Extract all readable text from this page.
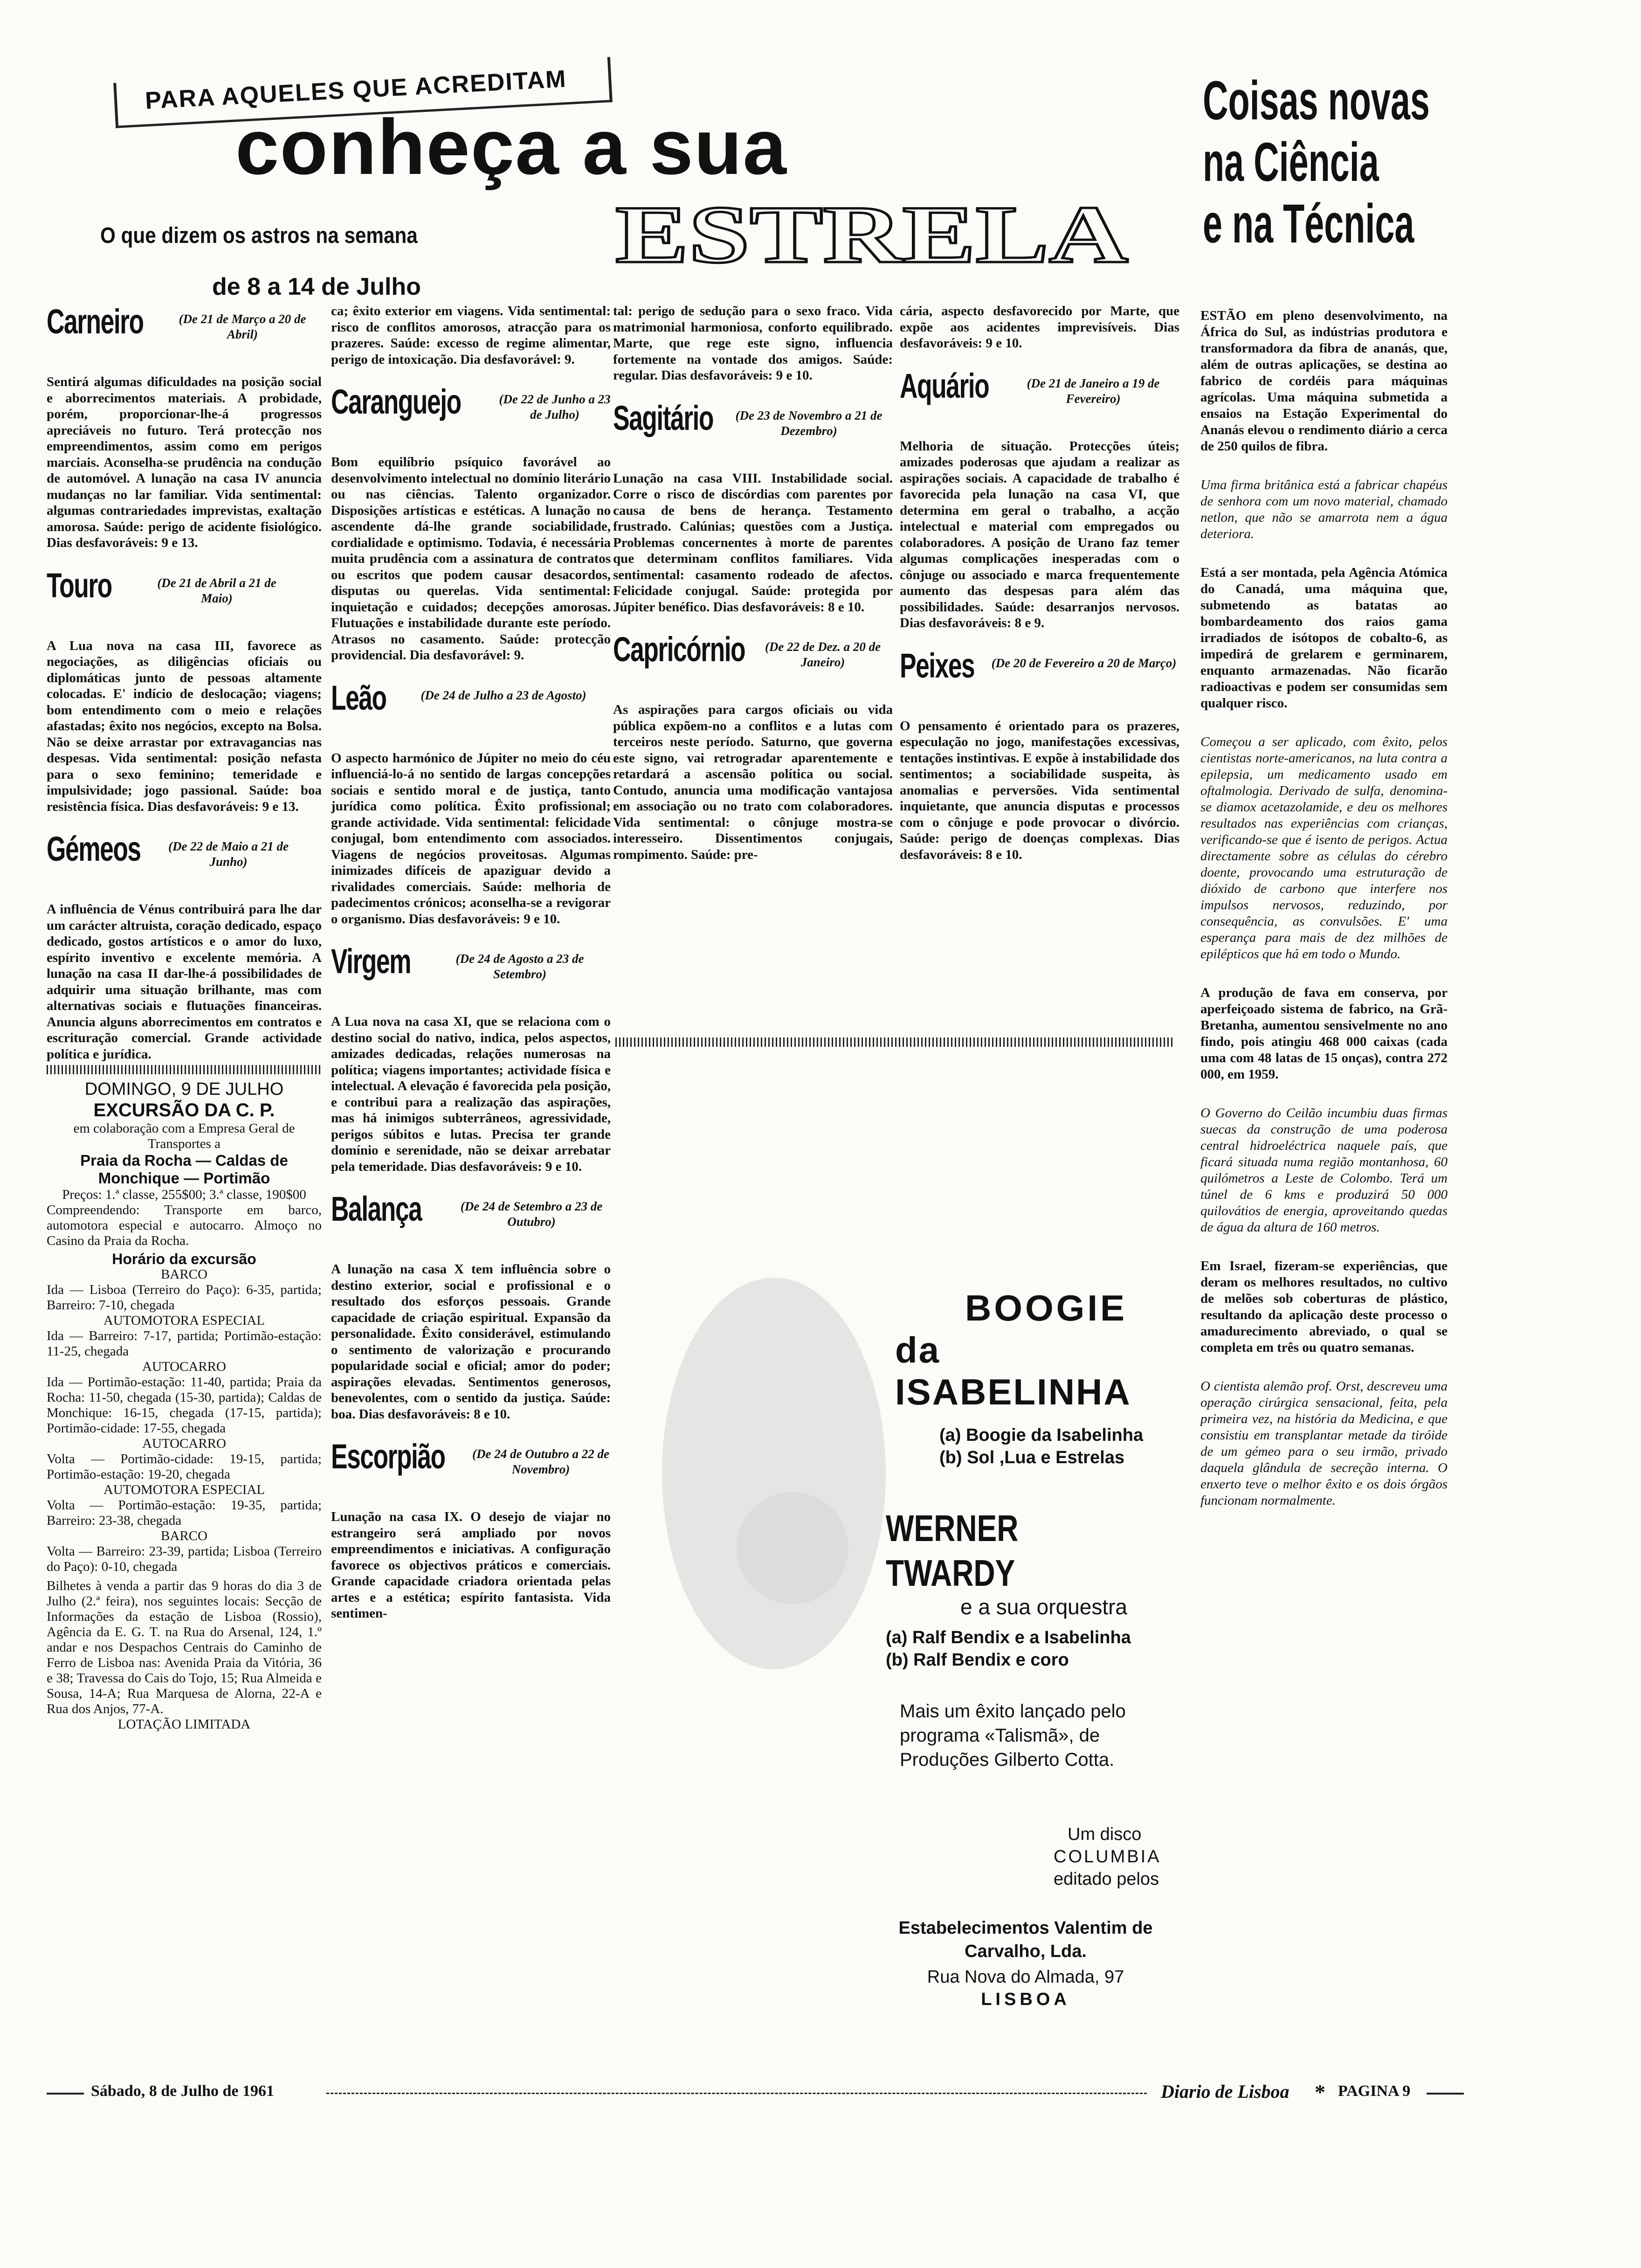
PARA AQUELES QUE ACREDITAM
conheça a sua
ESTRELA
O que dizem os astros na semana
de 8 a 14 de Julho
Carneiro	(De 21 de Março a 20 de Abril)

Sentirá algumas dificuldades na posição social e aborrecimentos materiais. A probidade, porém, proporcionar-lhe-á progressos apreciáveis no futuro. Terá protecção nos empreendimentos, assim como em perigos marciais. Aconselha-se prudência na condução de automóvel. A lunação na casa IV anuncia mudanças no lar familiar. Vida sentimental: algumas contrariedades imprevistas, exaltação amorosa. Saúde: perigo de acidente fisiológico. Dias desfavoráveis: 9 e 13.

Touro	(De 21 de Abril a 21 de Maio)

A Lua nova na casa III, favorece as negociações, as diligências oficiais ou diplomáticas junto de pessoas altamente colocadas. E' indício de deslocação; viagens; bom entendimento com o meio e relações afastadas; êxito nos negócios, excepto na Bolsa. Não se deixe arrastar por extravagancias nas despesas. Vida sentimental: posição nefasta para o sexo feminino; temeridade e impulsividade; jogo passional. Saúde: boa resistência física. Dias desfavoráveis: 9 e 13.

Gémeos	(De 22 de Maio a 21 de Junho)

A influência de Vénus contribuirá para lhe dar um carácter altruista, coração dedicado, espaço dedicado, gostos artísticos e o amor do luxo, espírito inventivo e excelente memória. A lunação na casa II dar-lhe-á possibilidades de adquirir uma situação brilhante, mas com alternativas sociais e flutuações financeiras. Anuncia alguns aborrecimentos em contratos e escrituração comercial. Grande actividade política e jurídica.

DOMINGO, 9 DE JULHO
EXCURSÃO DA C. P.
em colaboração com a Empresa Geral de Transportes a
Praia da Rocha — Caldas de Monchique — Portimão
Preços: 1.ª classe, 255$00; 3.ª classe, 190$00
Compreendendo: Transporte em barco, automotora especial e autocarro. Almoço no Casino da Praia da Rocha.
Horário da excursão
BARCO
Ida — Lisboa (Terreiro do Paço): 6-35, partida; Barreiro: 7-10, chegada
AUTOMOTORA ESPECIAL
Ida — Barreiro: 7-17, partida; Portimão-estação: 11-25, chegada
AUTOCARRO
Ida — Portimão-estação: 11-40, partida; Praia da Rocha: 11-50, chegada (15-30, partida); Caldas de Monchique: 16-15, chegada (17-15, partida); Portimão-cidade: 17-55, chegada
AUTOCARRO
Volta — Portimão-cidade: 19-15, partida; Portimão-estação: 19-20, chegada
AUTOMOTORA ESPECIAL
Volta — Portimão-estação: 19-35, partida; Barreiro: 23-38, chegada
BARCO
Volta — Barreiro: 23-39, partida; Lisboa (Terreiro do Paço): 0-10, chegada
Bilhetes à venda a partir das 9 horas do dia 3 de Julho (2.ª feira), nos seguintes locais: Secção de Informações da estação de Lisboa (Rossio), Agência da E. G. T. na Rua do Arsenal, 124, 1.º andar e nos Despachos Centrais do Caminho de Ferro de Lisboa nas: Avenida Praia da Vitória, 36 e 38; Travessa do Cais do Tojo, 15; Rua Almeida e Sousa, 14-A; Rua Marquesa de Alorna, 22-A e Rua dos Anjos, 77-A.
LOTAÇÃO LIMITADA

ca; êxito exterior em viagens. Vida sentimental: risco de conflitos amorosos, atracção para os prazeres. Saúde: excesso de regime alimentar, perigo de intoxicação. Dia desfavorável: 9.

Caranguejo	(De 22 de Junho a 23 de Julho)

Bom equilíbrio psíquico favorável ao desenvolvimento intelectual no domínio literário ou nas ciências. Talento organizador. Disposições artísticas e estéticas. A lunação no ascendente dá-lhe grande sociabilidade, cordialidade e optimismo. Todavia, é necessária muita prudência com a assinatura de contratos ou escritos que podem causar desacordos, disputas ou querelas. Vida sentimental: inquietação e cuidados; decepções amorosas. Flutuações e instabilidade durante este período. Atrasos no casamento. Saúde: protecção providencial. Dia desfavorável: 9.

Leão	(De 24 de Julho a 23 de Agosto)

O aspecto harmónico de Júpiter no meio do céu influenciá-lo-á no sentido de largas concepções sociais e sentido moral e de justiça, tanto jurídica como política. Êxito profissional; grande actividade. Vida sentimental: felicidade conjugal, bom entendimento com associados. Viagens de negócios proveitosas. Algumas inimizades difíceis de apaziguar devido a rivalidades comerciais. Saúde: melhoria de padecimentos crónicos; aconselha-se a revigorar o organismo. Dias desfavoráveis: 9 e 10.

Virgem	(De 24 de Agosto a 23 de Setembro)

A Lua nova na casa XI, que se relaciona com o destino social do nativo, indica, pelos aspectos, amizades dedicadas, relações numerosas na política; viagens importantes; actividade física e intelectual. A elevação é favorecida pela posição, e contribui para a realização das aspirações, mas há inimigos subterrâneos, agressividade, perigos súbitos e lutas. Precisa ter grande domínio e serenidade, não se deixar arrebatar pela temeridade. Dias desfavoráveis: 9 e 10.

Balança	(De 24 de Setembro a 23 de Outubro)

A lunação na casa X tem influência sobre o destino exterior, social e profissional e o resultado dos esforços pessoais. Grande capacidade de criação espiritual. Expansão da personalidade. Êxito considerável, estimulando o sentimento de valorização e procurando popularidade social e oficial; amor do poder; aspirações elevadas. Sentimentos generosos, benevolentes, com o sentido da justiça. Saúde: boa. Dias desfavoráveis: 8 e 10.

Escorpião (De 24 de Outubro a 22 de Novembro)

Lunação na casa IX. O desejo de viajar no estrangeiro será ampliado por novos empreendimentos e iniciativas. A configuração favorece os objectivos práticos e comerciais. Grande capacidade criadora orientada pelas artes e a estética; espírito fantasista. Vida sentimen-

tal: perigo de sedução para o sexo fraco. Vida matrimonial harmoniosa, conforto equilibrado. Marte, que rege este signo, influencia fortemente na vontade dos amigos. Saúde: regular. Dias desfavoráveis: 9 e 10.

Sagitário	(De 23 de Novembro a 21 de Dezembro)

Lunação na casa VIII. Instabilidade social. Corre o risco de discórdias com parentes por causa de bens de herança. Testamento frustrado. Calúnias; questões com a Justiça. Problemas concernentes à morte de parentes que determinam conflitos familiares. Vida sentimental: casamento rodeado de afectos. Felicidade conjugal. Saúde: protegida por Júpiter benéfico. Dias desfavoráveis: 8 e 10.

Capricórnio	(De 22 de Dez. a 20 de Janeiro)

As aspirações para cargos oficiais ou vida pública expõem-no a conflitos e a lutas com terceiros neste período. Saturno, que governa este signo, vai retrogradar aparentemente e retardará a ascensão política ou social. Contudo, anuncia uma modificação vantajosa em associação ou no trato com colaboradores. Vida sentimental: o cônjuge mostra-se interesseiro. Dissentimentos conjugais, rompimento. Saúde: pre-

cária, aspecto desfavorecido por Marte, que expõe aos acidentes imprevisíveis. Dias desfavoráveis: 9 e 10.

Aquário	(De 21 de Janeiro a 19 de Fevereiro)

Melhoria de situação. Protecções úteis; amizades poderosas que ajudam a realizar as aspirações sociais. A capacidade de trabalho é favorecida pela lunação na casa VI, que determina em geral o trabalho, a acção intelectual e material com empregados ou colaboradores. A posição de Urano faz temer algumas complicações inesperadas com o cônjuge ou associado e marca frequentemente aumento das despesas para além das possibilidades. Saúde: desarranjos nervosos. Dias desfavoráveis: 8 e 9.

Peixes (De 20 de Fevereiro a 20 de Março)

O pensamento é orientado para os prazeres, especulação no jogo, manifestações excessivas, tentações instintivas. E expõe à instabilidade dos sentimentos; a sociabilidade suspeita, às anomalias e perversões. Vida sentimental inquietante, que anuncia disputas e processos com o cônjuge e pode provocar o divórcio. Saúde: perigo de doenças complexas. Dias desfavoráveis: 8 e 10.

BOOGIE
da ISABELINHA
(a) Boogie da Isabelinha
(b) Sol ,Lua e Estrelas
WERNER TWARDY
e a sua orquestra
(a) Ralf Bendix e a Isabelinha
(b) Ralf Bendix e coro
Mais um êxito lançado pelo programa «Talismã», de Produções Gilberto Cotta.
Um disco
COLUMBIA
editado pelos
Estabelecimentos Valentim de Carvalho, Lda.
Rua Nova do Almada, 97
LISBOA
Coisas novas
na Ciência
e na Técnica

ESTÃO em pleno desenvolvimento, na África do Sul, as indústrias produtora e transformadora da fibra de ananás, que, além de outras aplicações, se destina ao fabrico de cordéis para máquinas agrícolas. Uma máquina submetida a ensaios na Estação Experimental do Ananás elevou o rendimento diário a cerca de 250 quilos de fibra.

Uma firma britânica está a fabricar chapéus de senhora com um novo material, chamado netlon, que não se amarrota nem a água deteriora.

Está a ser montada, pela Agência Atómica do Canadá, uma máquina que, submetendo as batatas ao bombardeamento dos raios gama irradiados de isótopos de cobalto-6, as impedirá de grelarem e germinarem, enquanto armazenadas. Não ficarão radioactivas e podem ser consumidas sem qualquer risco.

Começou a ser aplicado, com êxito, pelos cientistas norte-americanos, na luta contra a epilepsia, um medicamento usado em oftalmologia. Derivado de sulfa, denomina-se diamox acetazolamide, e deu os melhores resultados nas experiências com crianças, verificando-se que é isento de perigos. Actua directamente sobre as células do cérebro doente, provocando uma estruturação de dióxido de carbono que interfere nos impulsos nervosos, reduzindo, por consequência, as convulsões. E' uma esperança para mais de dez milhões de epilépticos que há em todo o Mundo.

A produção de fava em conserva, por aperfeiçoado sistema de fabrico, na Grã-Bretanha, aumentou sensivelmente no ano findo, pois atingiu 468 000 caixas (cada uma com 48 latas de 15 onças), contra 272 000, em 1959.

O Governo do Ceilão incumbiu duas firmas suecas da construção de uma poderosa central hidroeléctrica naquele país, que ficará situada numa região montanhosa, 60 quilómetros a Leste de Colombo. Terá um túnel de 6 kms e produzirá 50 000 quilovátios de energia, aproveitando quedas de água da altura de 160 metros.

Em Israel, fizeram-se experiências, que deram os melhores resultados, no cultivo de melões sob coberturas de plástico, resultando da aplicação deste processo o amadurecimento abreviado, o qual se completa em três ou quatro semanas.

O cientista alemão prof. Orst, descreveu uma operação cirúrgica sensacional, feita, pela primeira vez, na história da Medicina, e que consistiu em transplantar metade da tiróide de um gémeo para o seu irmão, privado daquela glândula de secreção interna. O enxerto teve o melhor êxito e os dois órgãos funcionam normalmente.

Sábado, 8 de Julho de 1961	Diario de Lisboa * PAGINA 9
